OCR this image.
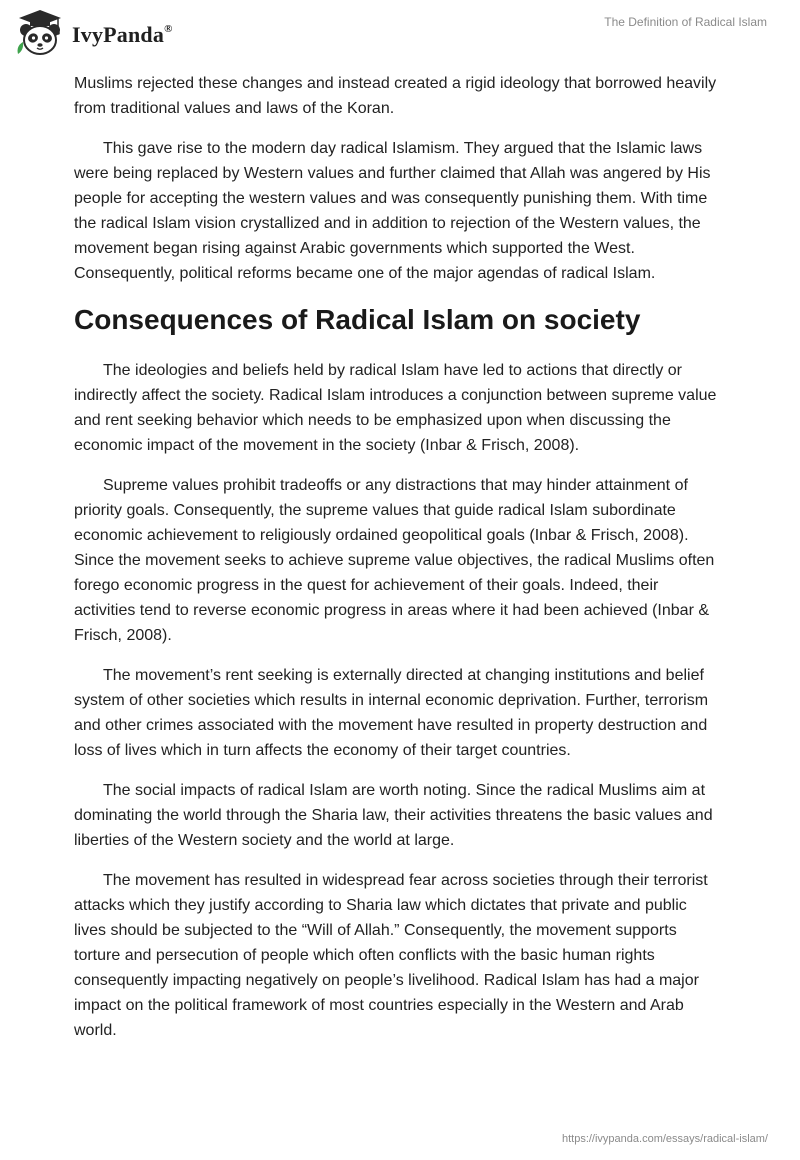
IvyPanda®	The Definition of Radical Islam

Muslims rejected these changes and instead created a rigid ideology that borrowed heavily from traditional values and laws of the Koran.

This gave rise to the modern day radical Islamism. They argued that the Islamic laws were being replaced by Western values and further claimed that Allah was angered by His people for accepting the western values and was consequently punishing them. With time the radical Islam vision crystallized and in addition to rejection of the Western values, the movement began rising against Arabic governments which supported the West. Consequently, political reforms became one of the major agendas of radical Islam.

Consequences of Radical Islam on society

The ideologies and beliefs held by radical Islam have led to actions that directly or indirectly affect the society. Radical Islam introduces a conjunction between supreme value and rent seeking behavior which needs to be emphasized upon when discussing the economic impact of the movement in the society (Inbar & Frisch, 2008).

Supreme values prohibit tradeoffs or any distractions that may hinder attainment of priority goals. Consequently, the supreme values that guide radical Islam subordinate economic achievement to religiously ordained geopolitical goals (Inbar & Frisch, 2008). Since the movement seeks to achieve supreme value objectives, the radical Muslims often forego economic progress in the quest for achievement of their goals. Indeed, their activities tend to reverse economic progress in areas where it had been achieved (Inbar & Frisch, 2008).

The movement’s rent seeking is externally directed at changing institutions and belief system of other societies which results in internal economic deprivation. Further, terrorism and other crimes associated with the movement have resulted in property destruction and loss of lives which in turn affects the economy of their target countries.

The social impacts of radical Islam are worth noting. Since the radical Muslims aim at dominating the world through the Sharia law, their activities threatens the basic values and liberties of the Western society and the world at large.

The movement has resulted in widespread fear across societies through their terrorist attacks which they justify according to Sharia law which dictates that private and public lives should be subjected to the “Will of Allah.” Consequently, the movement supports torture and persecution of people which often conflicts with the basic human rights consequently impacting negatively on people’s livelihood. Radical Islam has had a major impact on the political framework of most countries especially in the Western and Arab world.

https://ivypanda.com/essays/radical-islam/
